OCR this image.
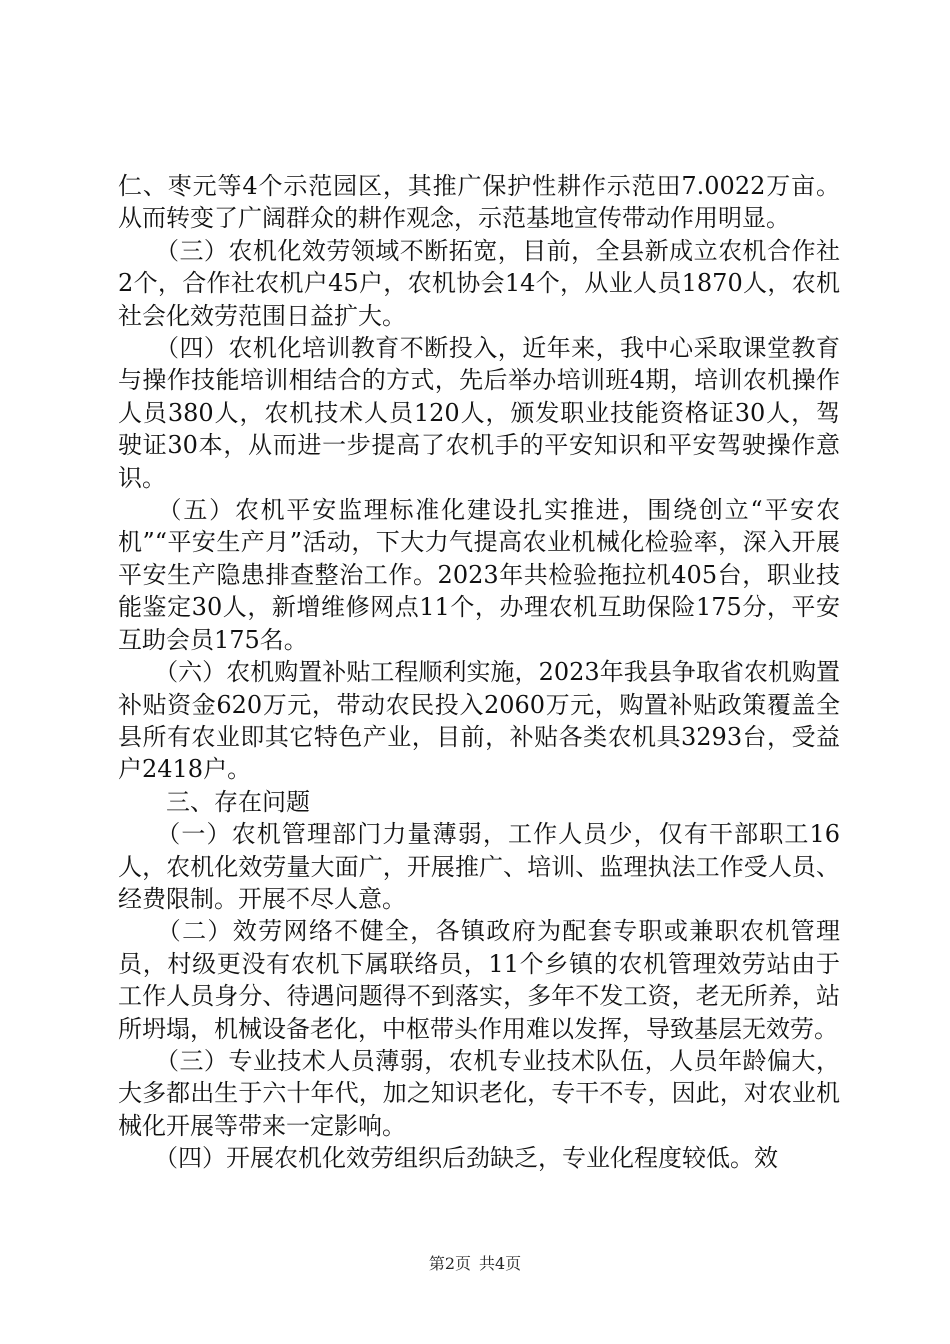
仁、枣元等4个示范园区，其推广保护性耕作示范田7.0022万亩。从而转变了广阔群众的耕作观念，示范基地宣传带动作用明显。

　　（三）农机化效劳领域不断拓宽，目前，全县新成立农机合作社2个，合作社农机户45户，农机协会14个，从业人员1870人，农机社会化效劳范围日益扩大。

　　（四）农机化培训教育不断投入，近年来，我中心采取课堂教育与操作技能培训相结合的方式，先后举办培训班4期，培训农机操作人员380人，农机技术人员120人，颁发职业技能资格证30人，驾驶证30本，从而进一步提高了农机手的平安知识和平安驾驶操作意识。

　　（五）农机平安监理标准化建设扎实推进，围绕创立“平安农机”“平安生产月”活动，下大力气提高农业机械化检验率，深入开展平安生产隐患排查整治工作。2023年共检验拖拉机405台，职业技能鉴定30人，新增维修网点11个，办理农机互助保险175分，平安互助会员175名。

　　（六）农机购置补贴工程顺利实施，2023年我县争取省农机购置补贴资金620万元，带动农民投入2060万元，购置补贴政策覆盖全县所有农业即其它特色产业，目前，补贴各类农机具3293台，受益户2418户。

　　三、存在问题

　　（一）农机管理部门力量薄弱，工作人员少，仅有干部职工16人，农机化效劳量大面广，开展推广、培训、监理执法工作受人员、经费限制。开展不尽人意。

　　（二）效劳网络不健全，各镇政府为配套专职或兼职农机管理员，村级更没有农机下属联络员，11个乡镇的农机管理效劳站由于工作人员身分、待遇问题得不到落实，多年不发工资，老无所养，站所坍塌，机械设备老化，中枢带头作用难以发挥，导致基层无效劳。

　　（三）专业技术人员薄弱，农机专业技术队伍，人员年龄偏大，大多都出生于六十年代，加之知识老化，专干不专，因此，对农业机械化开展等带来一定影响。

　　（四）开展农机化效劳组织后劲缺乏，专业化程度较低。效

第2页 共4页
